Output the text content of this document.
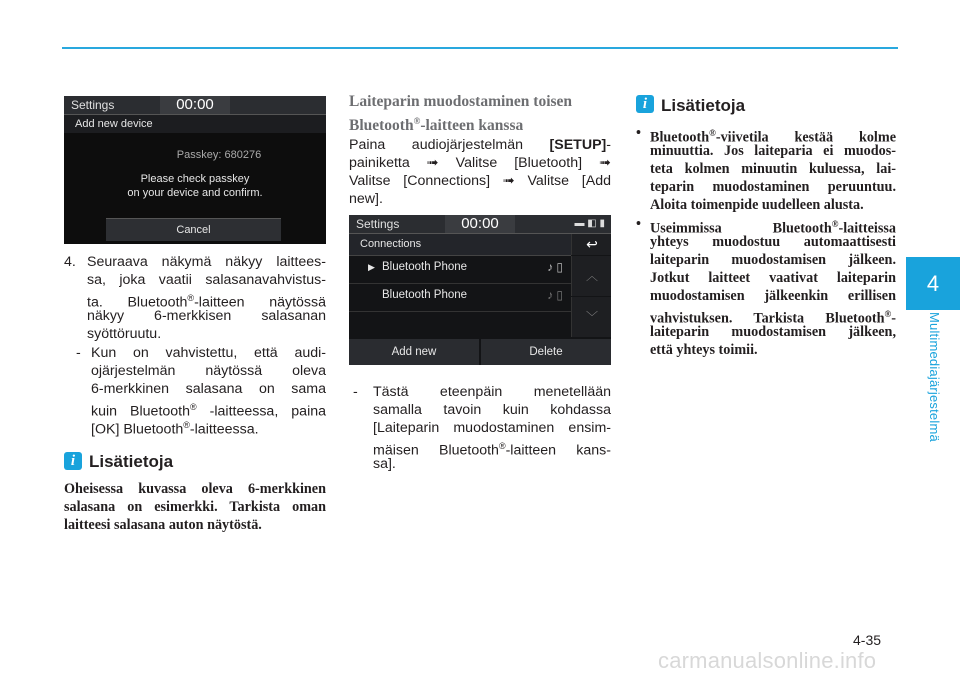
Settings	00:00
Add new device
Passkey: 680276
Please check passkey
on your device and confirm.
Cancel
4. Seuraava näkymä näkyy laittees-
sa, joka vaatii salasanavahvistus-
ta. Bluetooth®-laitteen näytössä
näkyy 6-merkkisen salasanan
syöttöruutu.
- Kun on vahvistettu, että audi-
ojärjestelmän näytössä oleva
6-merkkinen salasana on sama
kuin Bluetooth® -laitteessa, paina
[OK] Bluetooth®-laitteessa.
i Lisätietoja
Oheisessa kuvassa oleva 6-merkkinen
salasana on esimerkki. Tarkista oman
laitteesi salasana auton näytöstä.
Laiteparin muodostaminen toisen
Bluetooth®-laitteen kanssa
Paina audiojärjestelmän [SETUP]-
painiketta ➟ Valitse [Bluetooth] ➟
Valitse [Connections] ➟ Valitse [Add
new].
Settings	00:00	▬ ◧ ▮
Connections	↩
▶ Bluetooth Phone	♪ ▯
Bluetooth Phone	♪ ▯
︿
﹀
Add new	Delete
- Tästä eteenpäin menetellään
samalla tavoin kuin kohdassa
[Laiteparin muodostaminen ensim-
mäisen Bluetooth®-laitteen kans-
sa].
i Lisätietoja
• Bluetooth®-viivetila kestää kolme
minuuttia. Jos laiteparia ei muodos-
teta kolmen minuutin kuluessa, lai-
teparin muodostaminen peruuntuu.
Aloita toimenpide uudelleen alusta.
• Useimmissa Bluetooth®-laitteissa
yhteys muodostuu automaattisesti
laiteparin muodostamisen jälkeen.
Jotkut laitteet vaativat laiteparin
muodostamisen jälkeenkin erillisen
vahvistuksen. Tarkista Bluetooth®-
laiteparin muodostamisen jälkeen,
että yhteys toimii.
4
Multimediajärjestelmä
4-35
carmanualsonline.info
